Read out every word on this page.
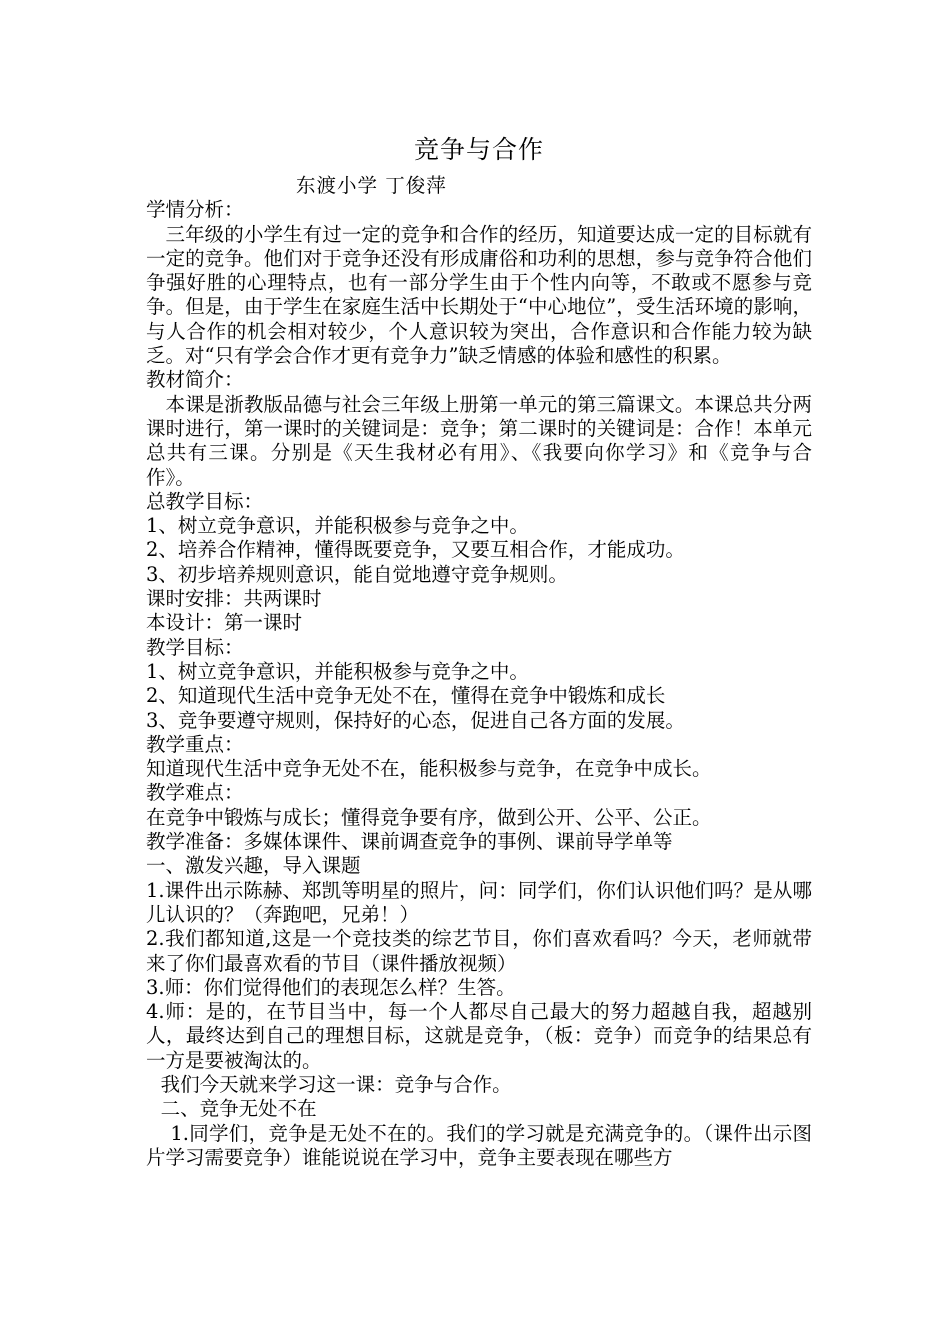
竞争与合作
东渡小学 丁俊萍

学情分析：

三年级的小学生有过一定的竞争和合作的经历，知道要达成一定的目标就有一定的竞争。他们对于竞争还没有形成庸俗和功利的思想，参与竞争符合他们争强好胜的心理特点，也有一部分学生由于个性内向等，不敢或不愿参与竞争。但是，由于学生在家庭生活中长期处于“中心地位”，受生活环境的影响，与人合作的机会相对较少，个人意识较为突出，合作意识和合作能力较为缺乏。对“只有学会合作才更有竞争力”缺乏情感的体验和感性的积累。

教材简介：

本课是浙教版品德与社会三年级上册第一单元的第三篇课文。本课总共分两课时进行，第一课时的关键词是：竞争；第二课时的关键词是：合作！本单元总共有三课。分别是《天生我材必有用》、《我要向你学习》和《竞争与合作》。

总教学目标：

1、树立竞争意识，并能积极参与竞争之中。

2、培养合作精神，懂得既要竞争，又要互相合作，才能成功。

3、初步培养规则意识，能自觉地遵守竞争规则。

课时安排：共两课时

本设计：第一课时

教学目标：

1、树立竞争意识，并能积极参与竞争之中。

2、知道现代生活中竞争无处不在，懂得在竞争中锻炼和成长

3、竞争要遵守规则，保持好的心态，促进自己各方面的发展。

教学重点：

知道现代生活中竞争无处不在，能积极参与竞争，在竞争中成长。

教学难点：

在竞争中锻炼与成长；懂得竞争要有序，做到公开、公平、公正。

教学准备：多媒体课件、课前调查竞争的事例、课前导学单等

一、激发兴趣，导入课题

1.课件出示陈赫、郑凯等明星的照片，问：同学们，你们认识他们吗？是从哪儿认识的？（奔跑吧，兄弟！）

2.我们都知道,这是一个竞技类的综艺节目，你们喜欢看吗？今天，老师就带来了你们最喜欢看的节目（课件播放视频）

3.师：你们觉得他们的表现怎么样？生答。

4.师：是的，在节目当中，每一个人都尽自己最大的努力超越自我，超越别人，最终达到自己的理想目标，这就是竞争，（板：竞争）而竞争的结果总有一方是要被淘汰的。

我们今天就来学习这一课：竞争与合作。

二、竞争无处不在

1.同学们，竞争是无处不在的。我们的学习就是充满竞争的。（课件出示图片学习需要竞争）谁能说说在学习中，竞争主要表现在哪些方
